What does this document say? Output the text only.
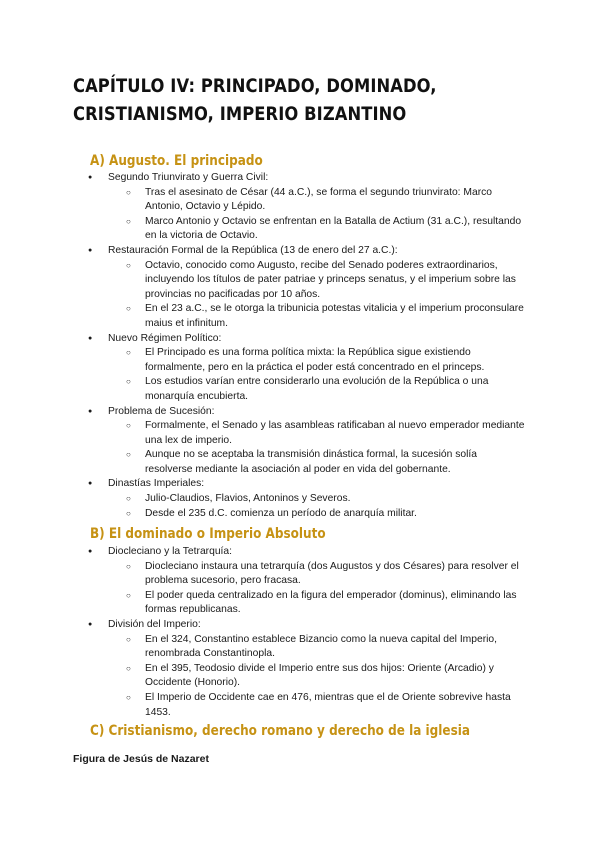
CAPÍTULO IV: PRINCIPADO, DOMINADO, CRISTIANISMO, IMPERIO BIZANTINO
A) Augusto. El principado
● Segundo Triunvirato y Guerra Civil:
○ Tras el asesinato de César (44 a.C.), se forma el segundo triunvirato: Marco Antonio, Octavio y Lépido.
○ Marco Antonio y Octavio se enfrentan en la Batalla de Actium (31 a.C.), resultando en la victoria de Octavio.
● Restauración Formal de la República (13 de enero del 27 a.C.):
○ Octavio, conocido como Augusto, recibe del Senado poderes extraordinarios, incluyendo los títulos de pater patriae y princeps senatus, y el imperium sobre las provincias no pacificadas por 10 años.
○ En el 23 a.C., se le otorga la tribunicia potestas vitalicia y el imperium proconsulare maius et infinitum.
● Nuevo Régimen Político:
○ El Principado es una forma política mixta: la República sigue existiendo formalmente, pero en la práctica el poder está concentrado en el princeps.
○ Los estudios varían entre considerarlo una evolución de la República o una monarquía encubierta.
● Problema de Sucesión:
○ Formalmente, el Senado y las asambleas ratificaban al nuevo emperador mediante una lex de imperio.
○ Aunque no se aceptaba la transmisión dinástica formal, la sucesión solía resolverse mediante la asociación al poder en vida del gobernante.
● Dinastías Imperiales:
○ Julio-Claudios, Flavios, Antoninos y Severos.
○ Desde el 235 d.C. comienza un período de anarquía militar.
B) El dominado o Imperio Absoluto
● Diocleciano y la Tetrarquía:
○ Diocleciano instaura una tetrarquía (dos Augustos y dos Césares) para resolver el problema sucesorio, pero fracasa.
○ El poder queda centralizado en la figura del emperador (dominus), eliminando las formas republicanas.
● División del Imperio:
○ En el 324, Constantino establece Bizancio como la nueva capital del Imperio, renombrada Constantinopla.
○ En el 395, Teodosio divide el Imperio entre sus dos hijos: Oriente (Arcadio) y Occidente (Honorio).
○ El Imperio de Occidente cae en 476, mientras que el de Oriente sobrevive hasta 1453.
C) Cristianismo, derecho romano y derecho de la iglesia

Figura de Jesús de Nazaret
